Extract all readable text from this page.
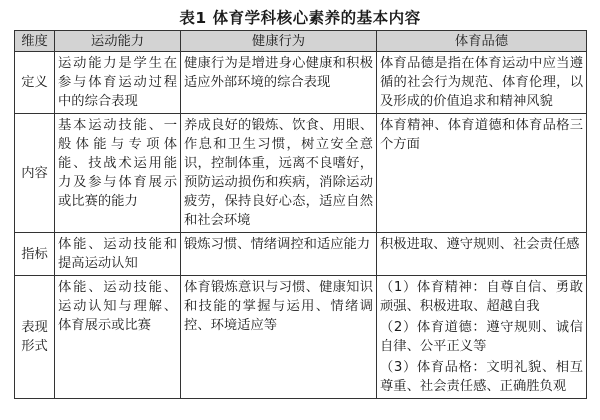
表1 体育学科核心素养的基本内容
维度	运动能力	健康行为	体育品德
定义	运动能力是学生在参与体育运动过程中的综合表现	健康行为是增进身心健康和积极适应外部环境的综合表现	体育品德是指在体育运动中应当遵循的社会行为规范、体育伦理，以及形成的价值追求和精神风貌
内容	基本运动技能、一般体能与专项体能、技战术运用能力及参与体育展示或比赛的能力	养成良好的锻炼、饮食、用眼、作息和卫生习惯，树立安全意识，控制体重，远离不良嗜好，预防运动损伤和疾病，消除运动疲劳，保持良好心态，适应自然和社会环境	体育精神、体育道德和体育品格三个方面
指标	体能、运动技能和提高运动认知	锻炼习惯、情绪调控和适应能力	积极进取、遵守规则、社会责任感
表现形式	体能、运动技能、运动认知与理解、体育展示或比赛	体育锻炼意识与习惯、健康知识和技能的掌握与运用、情绪调控、环境适应等	（1）体育精神：自尊自信、勇敢顽强、积极进取、超越自我
（2）体育道德：遵守规则、诚信自律、公平正义等
（3）体育品格：文明礼貌、相互尊重、社会责任感、正确胜负观
